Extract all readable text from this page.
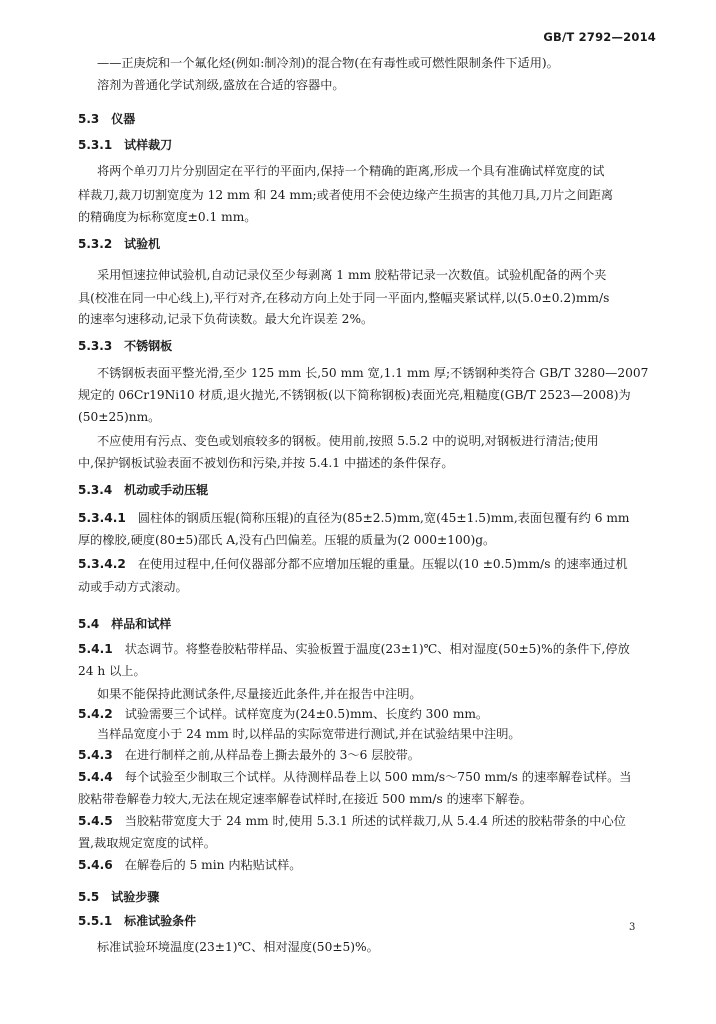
GB/T 2792—2014
——正庚烷和一个氟化烃(例如:制冷剂)的混合物(在有毒性或可燃性限制条件下适用)。
溶剂为普通化学试剂级,盛放在合适的容器中。
5.3 仪器
5.3.1 试样裁刀
将两个单刃刀片分别固定在平行的平面内,保持一个精确的距离,形成一个具有准确试样宽度的试
样裁刀,裁刀切割宽度为 12 mm 和 24 mm;或者使用不会使边缘产生损害的其他刀具,刀片之间距离
的精确度为标称宽度±0.1 mm。
5.3.2 试验机
采用恒速拉伸试验机,自动记录仪至少每剥离 1 mm 胶粘带记录一次数值。试验机配备的两个夹
具(校准在同一中心线上),平行对齐,在移动方向上处于同一平面内,整幅夹紧试样,以(5.0±0.2)mm/s
的速率匀速移动,记录下负荷读数。最大允许误差 2%。
5.3.3 不锈钢板
不锈钢板表面平整光滑,至少 125 mm 长,50 mm 宽,1.1 mm 厚;不锈钢种类符合 GB/T 3280—2007
规定的 06Cr19Ni10 材质,退火抛光,不锈钢板(以下简称钢板)表面光亮,粗糙度(GB/T 2523—2008)为
(50±25)nm。
不应使用有污点、变色或划痕较多的钢板。使用前,按照 5.5.2 中的说明,对钢板进行清洁;使用
中,保护钢板试验表面不被划伤和污染,并按 5.4.1 中描述的条件保存。
5.3.4 机动或手动压辊
5.3.4.1 圆柱体的钢质压辊(简称压辊)的直径为(85±2.5)mm,宽(45±1.5)mm,表面包覆有约 6 mm
厚的橡胶,硬度(80±5)邵氏 A,没有凸凹偏差。压辊的质量为(2 000±100)g。
5.3.4.2 在使用过程中,任何仪器部分都不应增加压辊的重量。压辊以(10 ±0.5)mm/s 的速率通过机
动或手动方式滚动。
5.4 样品和试样
5.4.1 状态调节。将整卷胶粘带样品、实验板置于温度(23±1)℃、相对湿度(50±5)%的条件下,停放
24 h 以上。
如果不能保持此测试条件,尽量接近此条件,并在报告中注明。
5.4.2 试验需要三个试样。试样宽度为(24±0.5)mm、长度约 300 mm。
当样品宽度小于 24 mm 时,以样品的实际宽带进行测试,并在试验结果中注明。
5.4.3 在进行制样之前,从样品卷上撕去最外的 3～6 层胶带。
5.4.4 每个试验至少制取三个试样。从待测样品卷上以 500 mm/s～750 mm/s 的速率解卷试样。当
胶粘带卷解卷力较大,无法在规定速率解卷试样时,在接近 500 mm/s 的速率下解卷。
5.4.5 当胶粘带宽度大于 24 mm 时,使用 5.3.1 所述的试样裁刀,从 5.4.4 所述的胶粘带条的中心位
置,裁取规定宽度的试样。
5.4.6 在解卷后的 5 min 内粘贴试样。
5.5 试验步骤
5.5.1 标准试验条件
标准试验环境温度(23±1)℃、相对湿度(50±5)%。
3
